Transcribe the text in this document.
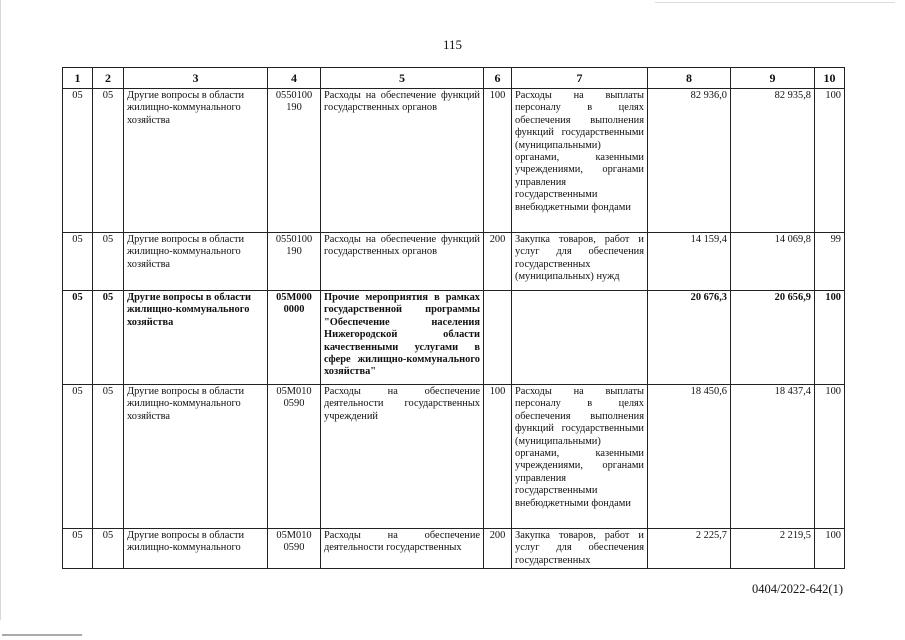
115
1	2	3	4	5	6	7	8	9	10
05	05	Другие вопросы в области жилищно-коммунального хозяйства	0550100 190	Расходы на обеспечение функций государственных органов	100	Расходы на выплаты персоналу в целях обеспечения выполнения функций государственными (муниципальными) органами, казенными учреждениями, органами управления государственными внебюджетными фондами	82 936,0	82 935,8	100
05	05	Другие вопросы в области жилищно-коммунального хозяйства	0550100 190	Расходы на обеспечение функций государственных органов	200	Закупка товаров, работ и услуг для обеспечения государственных (муниципальных) нужд	14 159,4	14 069,8	99
05	05	Другие вопросы в области жилищно-коммунального хозяйства	05М000 0000	Прочие мероприятия в рамках государственной программы "Обеспечение населения Нижегородской области качественными услугами в сфере жилищно-коммунального хозяйства"			20 676,3	20 656,9	100
05	05	Другие вопросы в области жилищно-коммунального хозяйства	05М010 0590	Расходы на обеспечение деятельности государственных учреждений	100	Расходы на выплаты персоналу в целях обеспечения выполнения функций государственными (муниципальными) органами, казенными учреждениями, органами управления государственными внебюджетными фондами	18 450,6	18 437,4	100
05	05	Другие вопросы в области жилищно-коммунального	05М010 0590	Расходы на обеспечение деятельности государственных	200	Закупка товаров, работ и услуг для обеспечения государственных	2 225,7	2 219,5	100
0404/2022-642(1)
